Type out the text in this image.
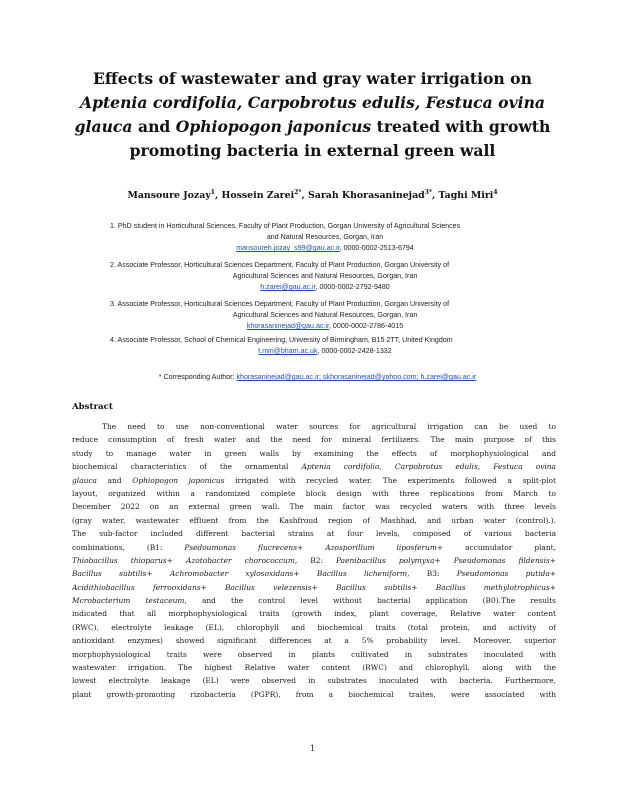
Effects of wastewater and gray water irrigation on
Aptenia cordifolia, Carpobrotus edulis, Festuca ovina
glauca and Ophiopogon japonicus treated with growth
promoting bacteria in external green wall
Mansoure Jozay$^1$, Hossein Zarei$^{2*}$, Sarah Khorasaninejad$^{3*}$, Taghi Miri$^4$
1. PhD student in Horticultural Sciences, Faculty of Plant Production, Gorgan University of Agricultural Sciences
and Natural Resources, Gorgan, Iran
mansoureh.jozay_s99@gau.ac.ir, 0000-0002-2513-6794
2. Associate Professor, Horticultural Sciences Department, Faculty of Plant Production, Gorgan University of
Agricultural Sciences and Natural Resources, Gorgan, Iran
h.zarei@gau.ac.ir, 0000-0002-2792-9480
3. Associate Professor, Horticultural Sciences Department, Faculty of Plant Production, Gorgan University of
Agricultural Sciences and Natural Resources, Gorgan, Iran
khorasaninejad@gau.ac.ir, 0000-0002-2786-4015
4. Associate Professor, School of Chemical Engineering, University of Birmingham, B15 2TT, United Kingdom
t.miri@bham.ac.uk, 0000-0002-2428-1332
* Corresponding Author: khorasaninejad@gau.ac.ir; skhorasaninejad@yahoo.com; h.zarei@gau.ac.ir
Abstract
The need to use non-conventional water sources for agricultural irrigation can be used to
reduce consumption of fresh water and the need for mineral fertilizers. The main purpose of this
study to manage water in green walls by examining the effects of morphophysiological and
biochemical characteristics of the ornamental Aptenia cordifolia, Carpobrotus edulis, Festuca ovina
glauca and Ophiopogon japonicus irrigated with recycled water. The experiments followed a split-plot
layout, organized within a randomized complete block design with three replications from March to
December 2022 on an external green wall. The main factor was recycled waters with three levels
(gray water, wastewater effluent from the Kashfroud region of Mashhad, and urban water (control).).
The sub-factor included different bacterial strains at four levels, composed of various bacteria
combinations, (B1: Psedoumonas flucrecens+ Azosporillum liposferum+ accumulator plant,
Thiobacillus thioparus+ Azotobacter chorococcum, B2: Paenibacillus polymyxa+ Pseudomonas fildensis+
Bacillus subtilis+ Achromobacter xylosoxidans+ Bacillus licheniform, B3: Pseudomonas putida+
Acidithiobacillus ferrooxidans+ Bacillus velezensis+ Bacillus subtilis+ Bacillus methylotrophicus+
Mcrobacterium testaceum, and the control level without bacterial application (B0).The results
indicated that all morphophysiological traits (growth index, plant coverage, Relative water content
(RWC), electrolyte leakage (EL), chlorophyll and biochemical traits (total protein, and activity of
antioxidant enzymes) showed significant differences at a 5% probability level. Moreover, superior
morphophysiological traits were observed in plants cultivated in substrates inoculated with
wastewater irrigation. The highest Relative water content (RWC) and chlorophyll, along with the
lowest electrolyte leakage (EL) were observed in substrates inoculated with bacteria. Furthermore,
plant growth-promoting rizobacteria (PGPR), from a biochemical traites, were associated with
1
